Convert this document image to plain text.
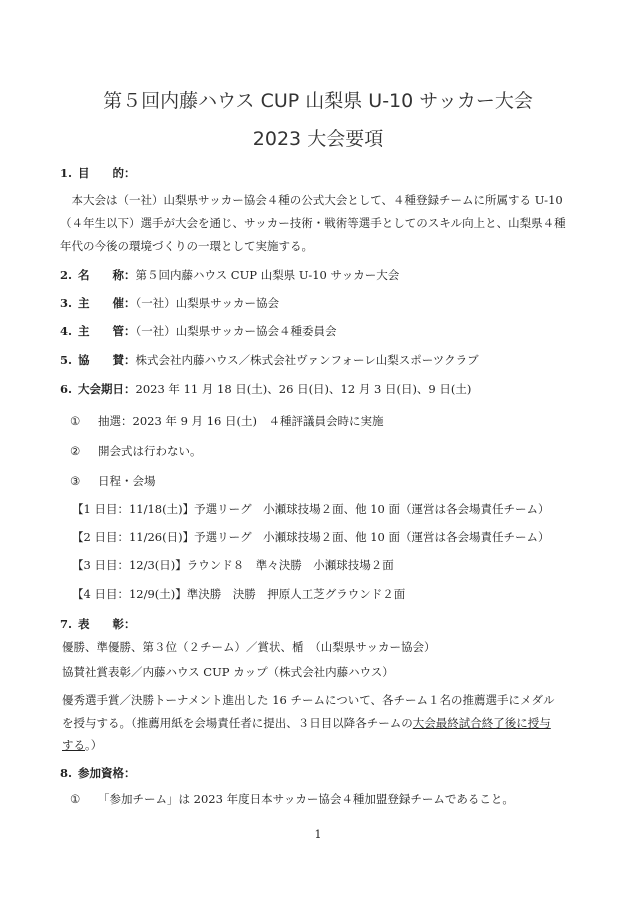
第５回内藤ハウス CUP 山梨県 U-10 サッカー大会
2023 大会要項
1. 目　　的：
　本大会は（一社）山梨県サッカー協会４種の公式大会として、４種登録チームに所属する U-10
（４年生以下）選手が大会を通じ、サッカー技術・戦術等選手としてのスキル向上と、山梨県４種
年代の今後の環境づくりの一環として実施する。
2. 名　　称：第５回内藤ハウス CUP 山梨県 U-10 サッカー大会
3. 主　　催：（一社）山梨県サッカー協会
4. 主　　管：（一社）山梨県サッカー協会４種委員会
5. 協　　賛：株式会社内藤ハウス／株式会社ヴァンフォーレ山梨スポーツクラブ
6. 大会期日：2023 年 11 月 18 日(土)、26 日(日)、12 月 3 日(日)、9 日(土)
① 抽選：2023 年 9 月 16 日(土)　４種評議員会時に実施
② 開会式は行わない。
③ 日程・会場
【1 日目：11/18(土)】予選リーグ　小瀬球技場２面、他 10 面（運営は各会場責任チーム）
【2 日目：11/26(日)】予選リーグ　小瀬球技場２面、他 10 面（運営は各会場責任チーム）
【3 日目：12/3(日)】ラウンド８　準々決勝　小瀬球技場２面
【4 日目：12/9(土)】準決勝　決勝　押原人工芝グラウンド２面
7. 表　　彰：
優勝、準優勝、第３位（２チーム）／賞状、楯　（山梨県サッカー協会）
協賛社賞表彰／内藤ハウス CUP カップ（株式会社内藤ハウス）
優秀選手賞／決勝トーナメント進出した 16 チームについて、各チーム１名の推薦選手にメダル
を授与する。（推薦用紙を会場責任者に提出、３日目以降各チームの大会最終試合終了後に授与
する。）
8. 参加資格：
① 「参加チーム」は 2023 年度日本サッカー協会４種加盟登録チームであること。
1
